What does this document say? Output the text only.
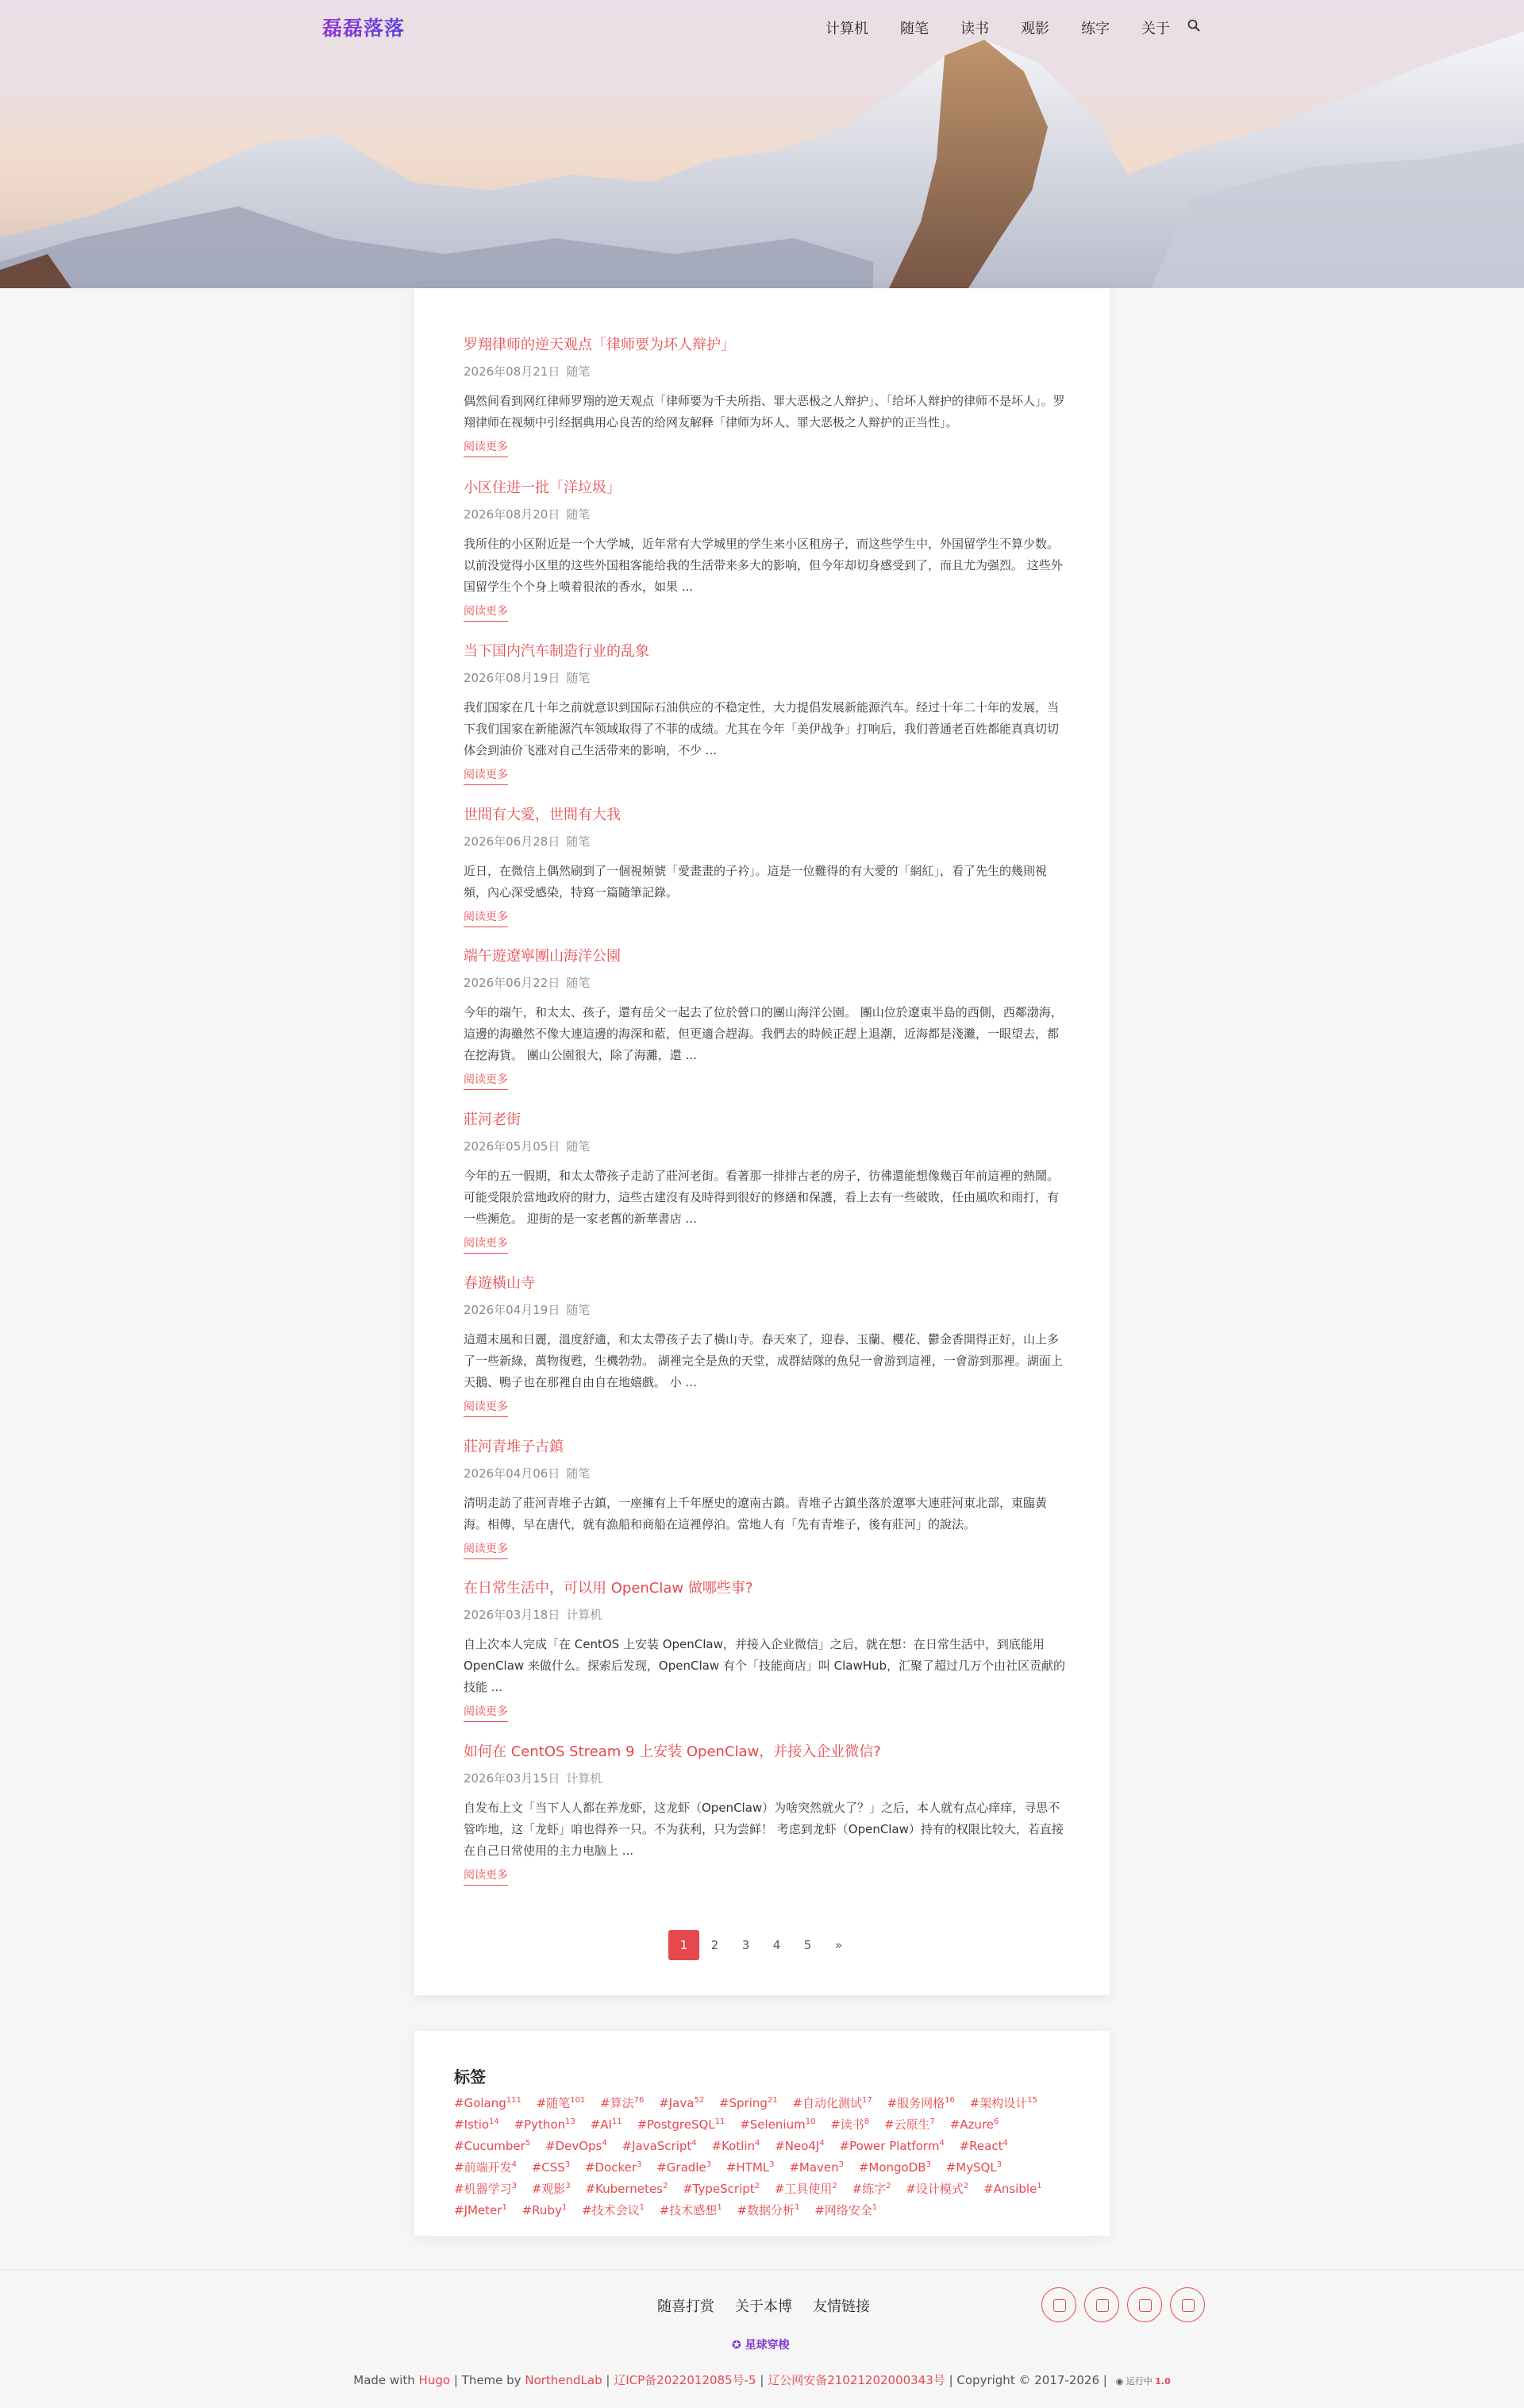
磊磊落落	计算机 随笔 读书 观影 练字 关于
罗翔律师的逆天观点「律师要为坏人辩护」
2026年08月21日 随笔
偶然间看到网红律师罗翔的逆天观点「律师要为千夫所指、罪大恶极之人辩护」、「给坏人辩护的律师不是坏人」。罗翔律师在视频中引经据典用心良苦的给网友解释「律师为坏人、罪大恶极之人辩护的正当性」。
阅读更多
小区住进一批「洋垃圾」
2026年08月20日 随笔
我所住的小区附近是一个大学城，近年常有大学城里的学生来小区租房子，而这些学生中，外国留学生不算少数。 以前没觉得小区里的这些外国租客能给我的生活带来多大的影响，但今年却切身感受到了，而且尤为强烈。 这些外国留学生个个身上喷着很浓的香水，如果 ...
阅读更多
当下国内汽车制造行业的乱象
2026年08月19日 随笔
我们国家在几十年之前就意识到国际石油供应的不稳定性，大力提倡发展新能源汽车。经过十年二十年的发展，当下我们国家在新能源汽车领域取得了不菲的成绩。尤其在今年「美伊战争」打响后，我们普通老百姓都能真真切切体会到油价飞涨对自己生活带来的影响，不少 ...
阅读更多
世間有大愛，世間有大我
2026年06月28日 随笔
近日，在微信上偶然刷到了一個視頻號「愛畫畫的子衿」。這是一位難得的有大愛的「網紅」，看了先生的幾則視頻，內心深受感染，特寫一篇隨筆記錄。
阅读更多
端午遊遼寧團山海洋公園
2026年06月22日 随笔
今年的端午，和太太、孩子，還有岳父一起去了位於營口的團山海洋公園。 團山位於遼東半島的西側，西鄰渤海，這邊的海雖然不像大連這邊的海深和藍，但更適合趕海。我們去的時候正趕上退潮，近海都是淺灘，一眼望去，都在挖海貨。 團山公園很大，除了海灘，還 ...
阅读更多
莊河老街
2026年05月05日 随笔
今年的五一假期，和太太帶孩子走訪了莊河老街。看著那一排排古老的房子，彷彿還能想像幾百年前這裡的熱鬧。 可能受限於當地政府的財力，這些古建沒有及時得到很好的修繕和保護，看上去有一些破敗，任由風吹和雨打，有一些瀕危。 迎街的是一家老舊的新華書店 ...
阅读更多
春遊橫山寺
2026年04月19日 随笔
這週末風和日麗，溫度舒適，和太太帶孩子去了橫山寺。春天來了，迎春、玉蘭、櫻花、鬱金香開得正好，山上多了一些新綠，萬物復甦，生機勃勃。 湖裡完全是魚的天堂，成群結隊的魚兒一會游到這裡，一會游到那裡。湖面上天鵝、鴨子也在那裡自由自在地嬉戲。 小 ...
阅读更多
莊河青堆子古鎮
2026年04月06日 随笔
清明走訪了莊河青堆子古鎮，一座擁有上千年歷史的遼南古鎮。青堆子古鎮坐落於遼寧大連莊河東北部，東臨黃海。相傳，早在唐代，就有漁船和商船在這裡停泊。當地人有「先有青堆子，後有莊河」的說法。
阅读更多
在日常生活中，可以用 OpenClaw 做哪些事?
2026年03月18日 计算机
自上次本人完成「在 CentOS 上安装 OpenClaw，并接入企业微信」之后，就在想：在日常生活中，到底能用 OpenClaw 来做什么。探索后发现，OpenClaw 有个「技能商店」叫 ClawHub，汇聚了超过几万个由社区贡献的技能 ...
阅读更多
如何在 CentOS Stream 9 上安装 OpenClaw，并接入企业微信?
2026年03月15日 计算机
自发布上文「当下人人都在养龙虾，这龙虾（OpenClaw）为啥突然就火了？」之后，本人就有点心痒痒，寻思不管咋地，这「龙虾」咱也得养一只。不为获利，只为尝鲜！ 考虑到龙虾（OpenClaw）持有的权限比较大，若直接在自己日常使用的主力电脑上 ...
阅读更多
1	2	3	4	5	»
标签
#Golang$^{111}$ #随笔$^{101}$ #算法$^{76}$ #Java$^{52}$ #Spring$^{21}$ #自动化测试$^{17}$ #服务网格$^{16}$ #架构设计$^{15}$ #Istio$^{14}$ #Python$^{13}$ #AI$^{11}$ #PostgreSQL$^{11}$ #Selenium$^{10}$ #读书$^8$ #云原生$^7$ #Azure$^6$ #Cucumber$^5$ #DevOps$^4$ #JavaScript$^4$ #Kotlin$^4$ $\#Neo4J^4$ #Power Platform$^4$ #React$^4$ #前端开发$^4$ #CSS$^3$ #Docker$^3$ #Gradle$^3$ #HTML$^3$ #Maven$^3$ #MongoDB$^3$ #MySQL$^3$ #机器学习$^3$ #观影$^3$ #Kubernetes$^2$ #TypeScript$^2$ #工具使用$^2$ #练字$^2$ #设计模式$^2$ #Ansible$^1$ #JMeter$^1$ #Ruby$^1$ #技术会议$^1$ #技术感想$^1$ #数据分析$^1$ #网络安全$^1$
随喜打赏 关于本博 友情链接
✪ 星球穿梭
Made with Hugo | Theme by NorthendLab | 辽ICP备2022012085号-5 | 辽公网安备21021202000343号 | Copyright © 2017-2026 | ◉ 运行中 1.0
